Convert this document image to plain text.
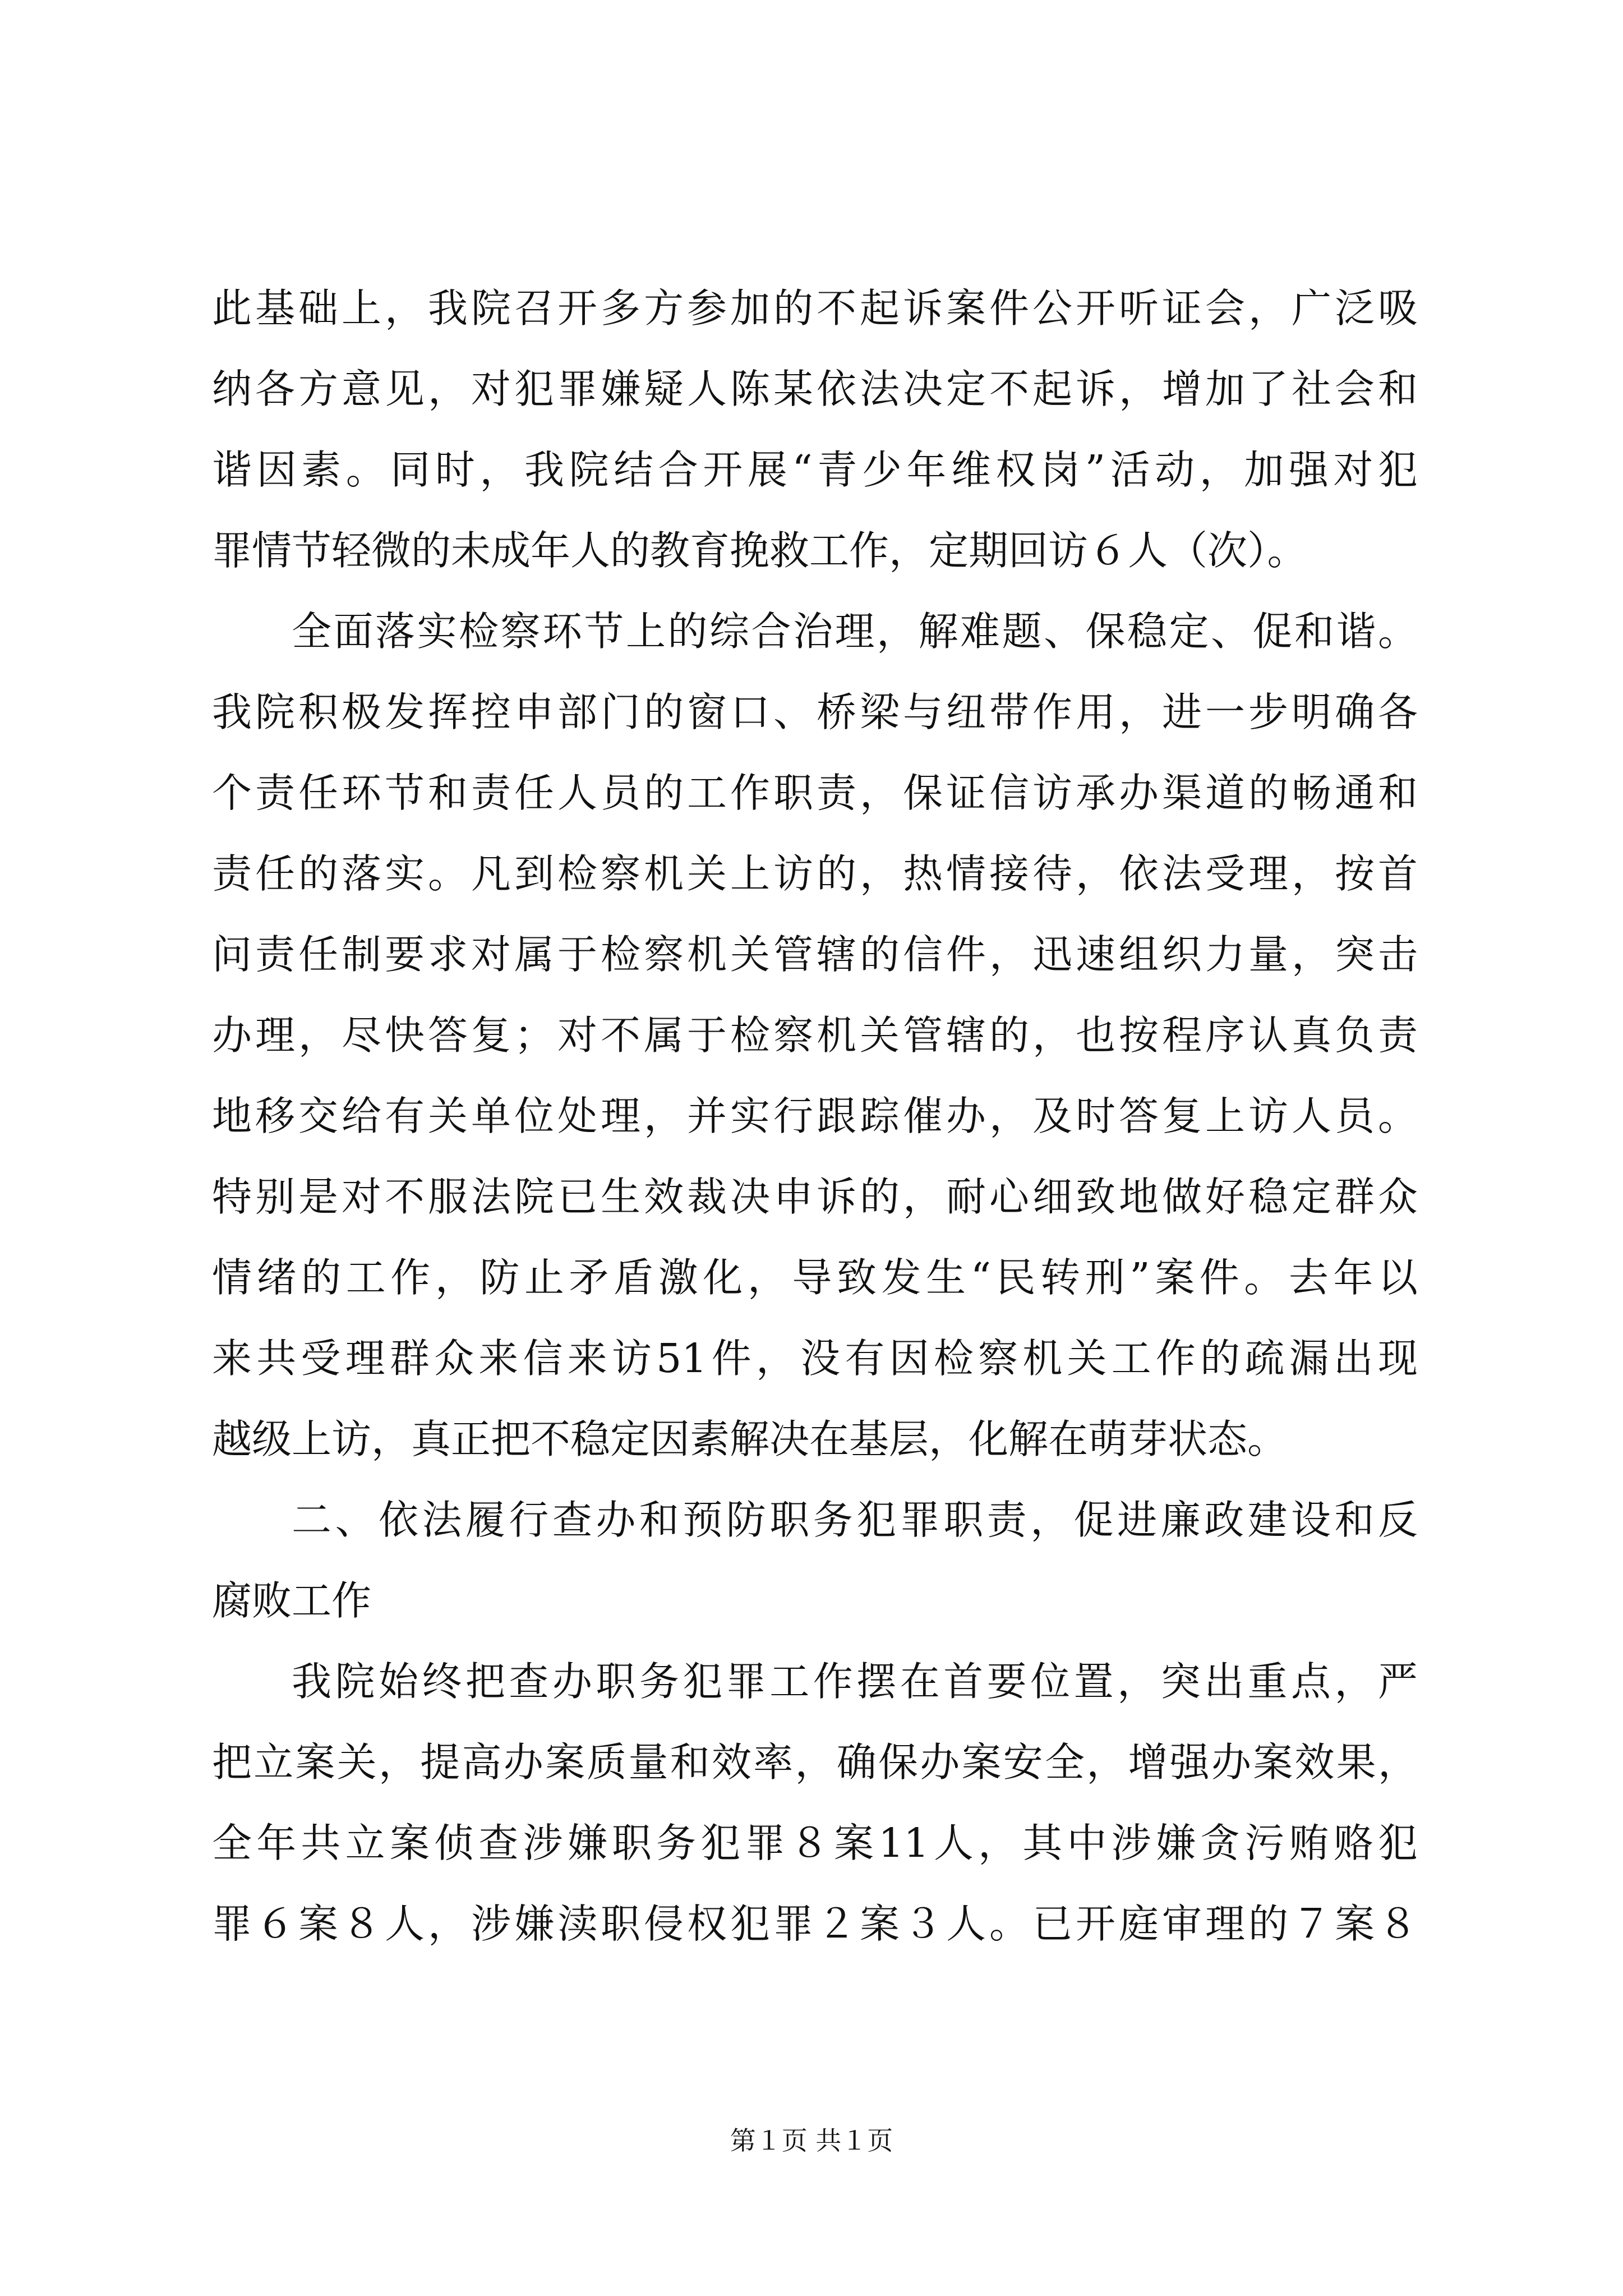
此基础上，我院召开多方参加的不起诉案件公开听证会，广泛吸
纳各方意见，对犯罪嫌疑人陈某依法决定不起诉，增加了社会和
谐因素。同时，我院结合开展“青少年维权岗”活动，加强对犯
罪情节轻微的未成年人的教育挽救工作，定期回访６人（次）。
全面落实检察环节上的综合治理，解难题、保稳定、促和谐。
我院积极发挥控申部门的窗口、桥梁与纽带作用，进一步明确各
个责任环节和责任人员的工作职责，保证信访承办渠道的畅通和
责任的落实。凡到检察机关上访的，热情接待，依法受理，按首
问责任制要求对属于检察机关管辖的信件，迅速组织力量，突击
办理，尽快答复；对不属于检察机关管辖的，也按程序认真负责
地移交给有关单位处理，并实行跟踪催办，及时答复上访人员。
特别是对不服法院已生效裁决申诉的，耐心细致地做好稳定群众
情绪的工作，防止矛盾激化，导致发生“民转刑”案件。去年以
来共受理群众来信来访51件，没有因检察机关工作的疏漏出现
越级上访，真正把不稳定因素解决在基层，化解在萌芽状态。
二、依法履行查办和预防职务犯罪职责，促进廉政建设和反
腐败工作
我院始终把查办职务犯罪工作摆在首要位置，突出重点，严
把立案关，提高办案质量和效率，确保办案安全，增强办案效果，
全年共立案侦查涉嫌职务犯罪８案11人，其中涉嫌贪污贿赂犯
罪６案８人，涉嫌渎职侵权犯罪２案３人。已开庭审理的７案８
第１页 共１页
